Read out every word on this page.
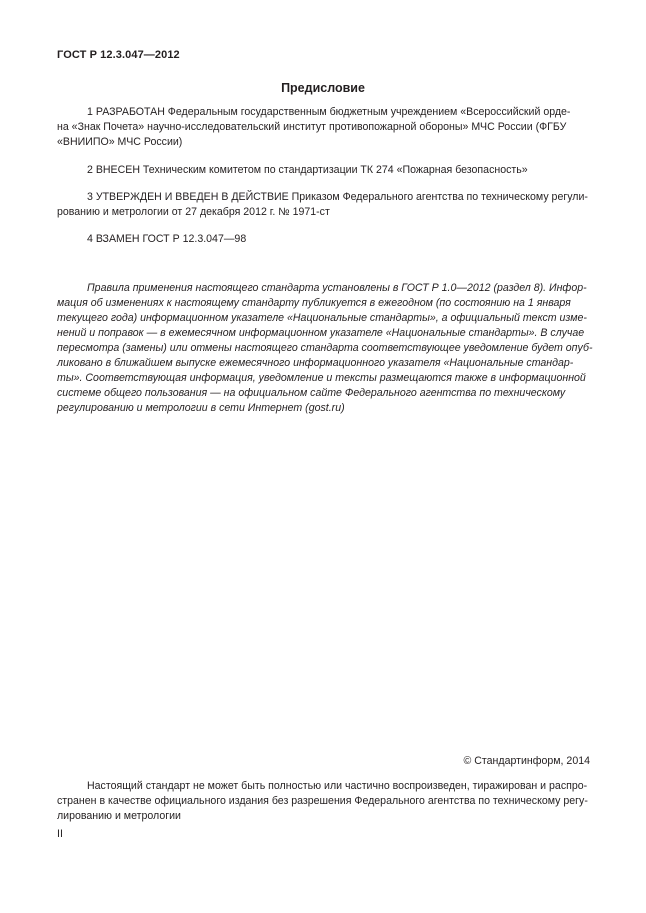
ГОСТ Р 12.3.047—2012
Предисловие
1 РАЗРАБОТАН Федеральным государственным бюджетным учреждением «Всероссийский орде-
на «Знак Почета» научно-исследовательский институт противопожарной обороны» МЧС России (ФГБУ
«ВНИИПО» МЧС России)
2 ВНЕСЕН Техническим комитетом по стандартизации ТК 274 «Пожарная безопасность»
3 УТВЕРЖДЕН И ВВЕДЕН В ДЕЙСТВИЕ Приказом Федерального агентства по техническому регули-
рованию и метрологии от 27 декабря 2012 г. № 1971-ст
4 ВЗАМЕН ГОСТ Р 12.3.047—98
Правила применения настоящего стандарта установлены в ГОСТ Р 1.0—2012 (раздел 8). Инфор-
мация об изменениях к настоящему стандарту публикуется в ежегодном (по состоянию на 1 января
текущего года) информационном указателе «Национальные стандарты», а официальный текст изме-
нений и поправок — в ежемесячном информационном указателе «Национальные стандарты». В случае
пересмотра (замены) или отмены настоящего стандарта соответствующее уведомление будет опуб-
ликовано в ближайшем выпуске ежемесячного информационного указателя «Национальные стандар-
ты». Соответствующая информация, уведомление и тексты размещаются также в информационной
системе общего пользования — на официальном сайте Федерального агентства по техническому
регулированию и метрологии в сети Интернет (gost.ru)
© Стандартинформ, 2014
Настоящий стандарт не может быть полностью или частично воспроизведен, тиражирован и распро-
странен в качестве официального издания без разрешения Федерального агентства по техническому регу-
лированию и метрологии
II
